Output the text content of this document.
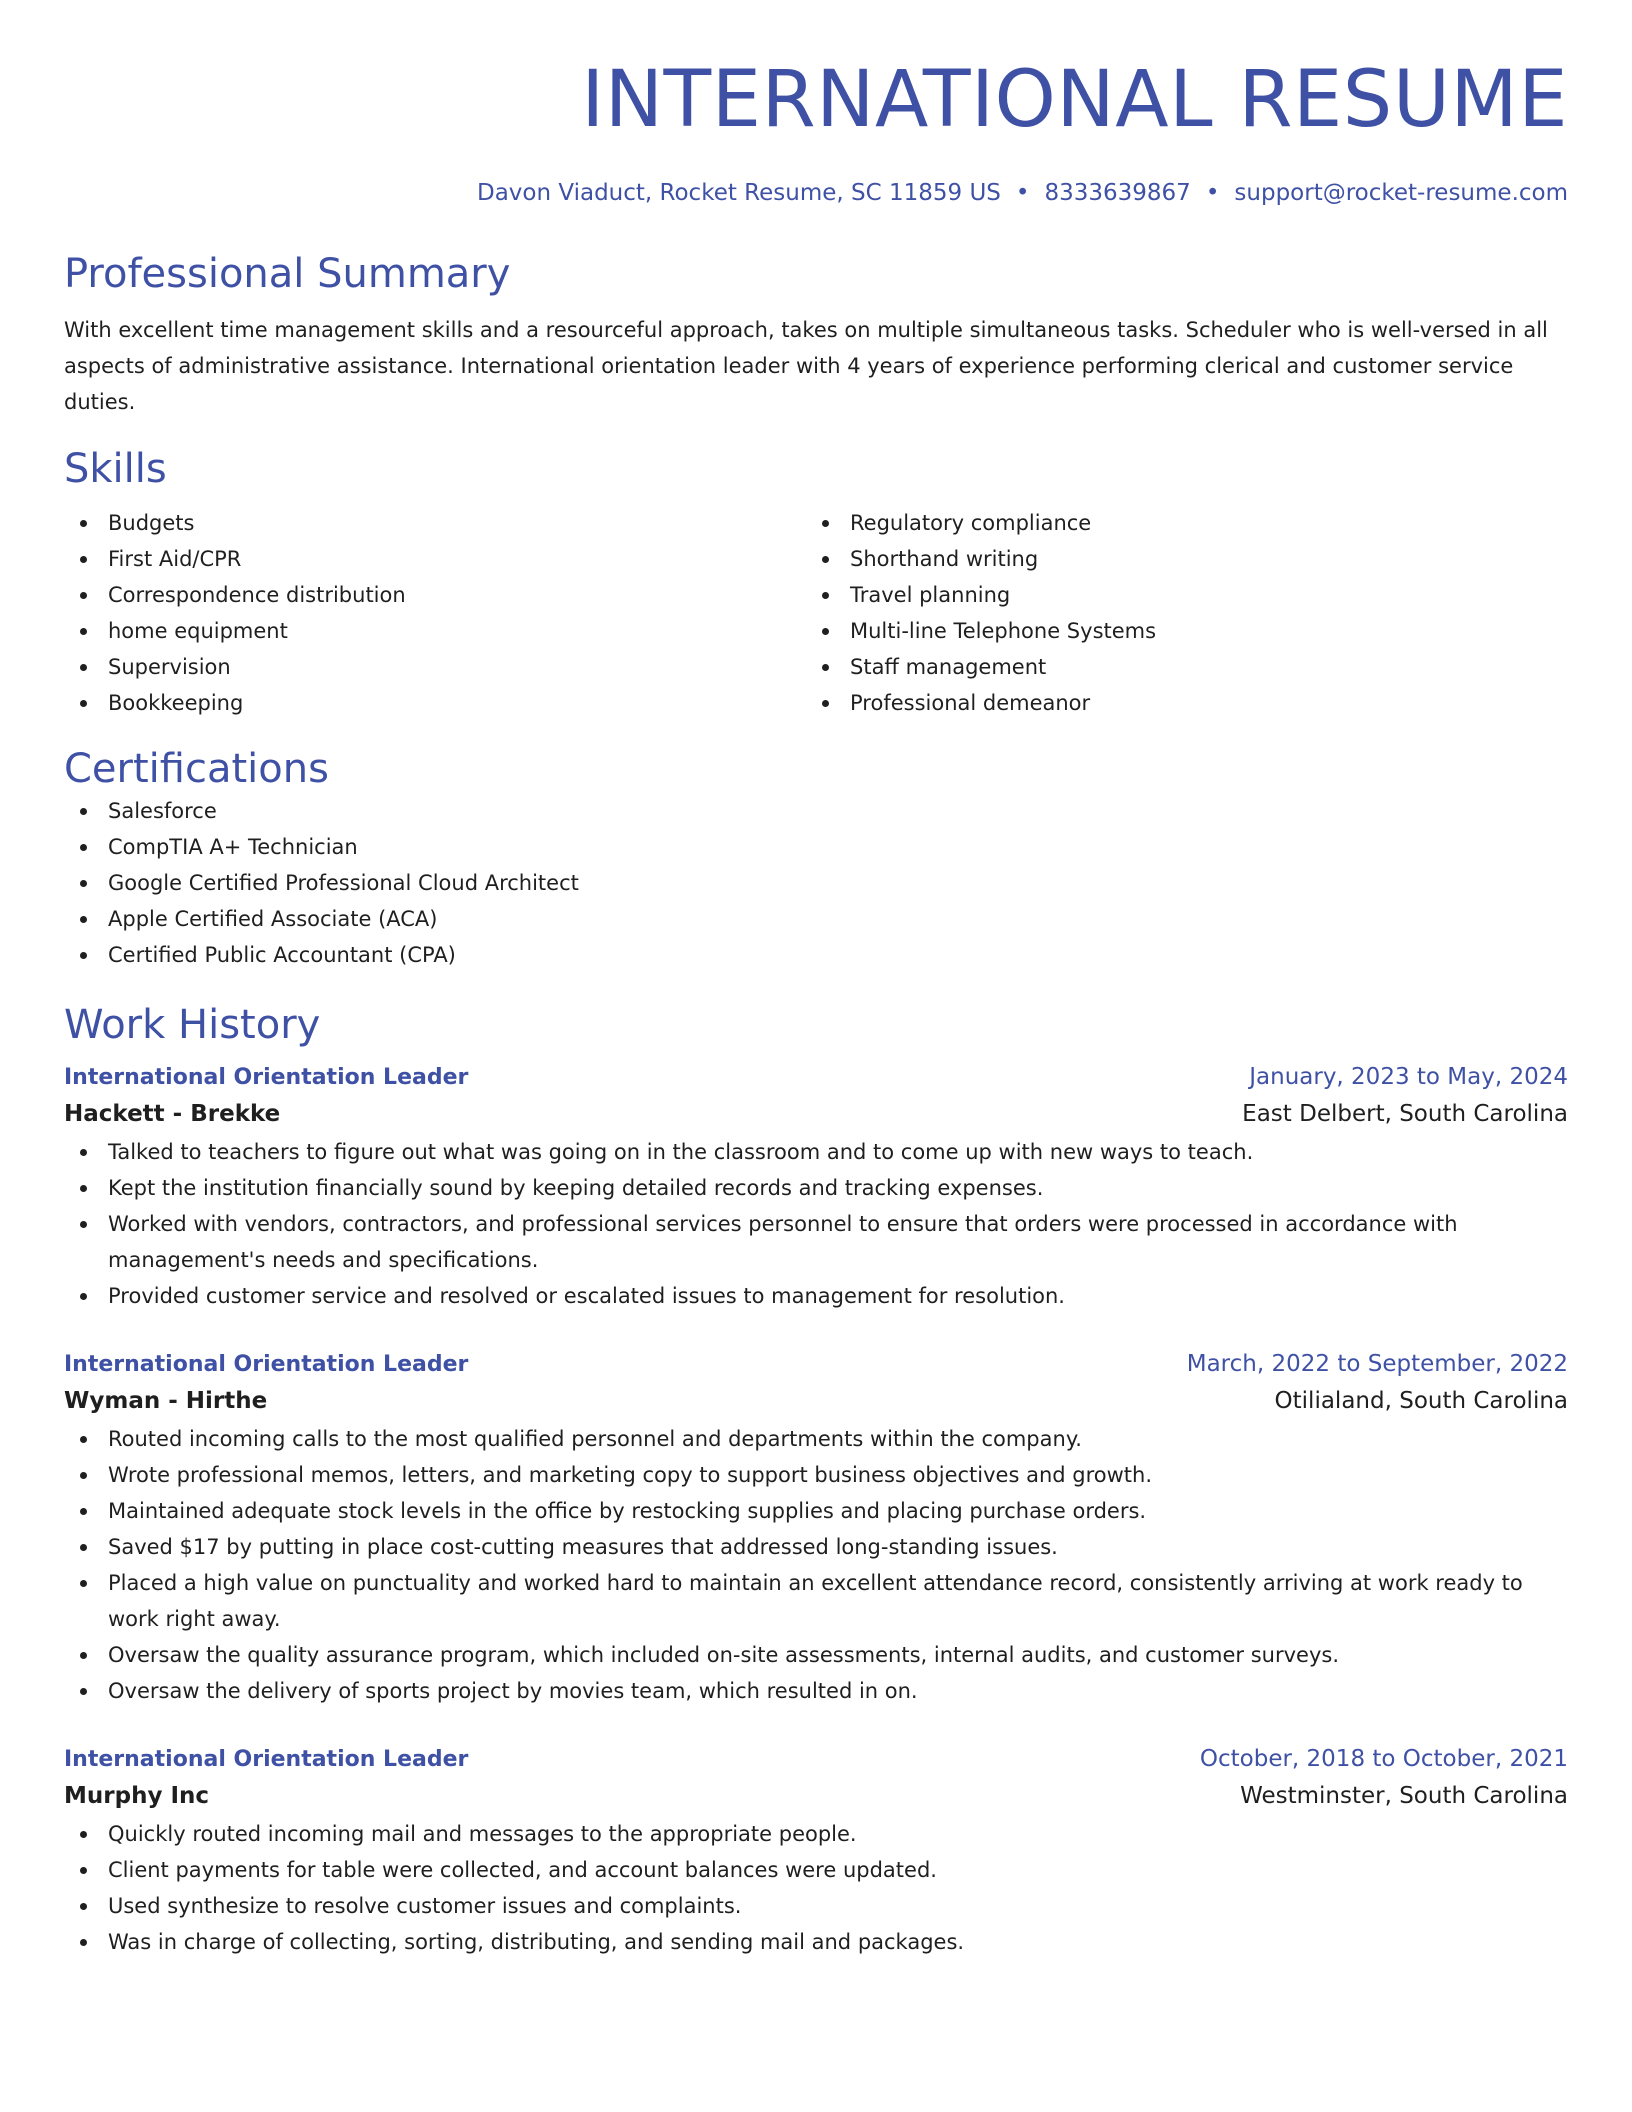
INTERNATIONAL RESUME
Davon Viaduct, Rocket Resume, SC 11859 US • 8333639867 • support@rocket-resume.com
Professional Summary

With excellent time management skills and a resourceful approach, takes on multiple simultaneous tasks. Scheduler who is well-versed in all aspects of administrative assistance. International orientation leader with 4 years of experience performing clerical and customer service duties.

Skills
Budgets
First Aid/CPR
Correspondence distribution
home equipment
Supervision
Bookkeeping
Regulatory compliance
Shorthand writing
Travel planning
Multi-line Telephone Systems
Staff management
Professional demeanor
Certifications
Salesforce
CompTIA A+ Technician
Google Certified Professional Cloud Architect
Apple Certified Associate (ACA)
Certified Public Accountant (CPA)
Work History
International Orientation Leader	January, 2023 to May, 2024
Hackett - Brekke	East Delbert, South Carolina
Talked to teachers to figure out what was going on in the classroom and to come up with new ways to teach.
Kept the institution financially sound by keeping detailed records and tracking expenses.
Worked with vendors, contractors, and professional services personnel to ensure that orders were processed in accordance with management's needs and specifications.
Provided customer service and resolved or escalated issues to management for resolution.
International Orientation Leader	March, 2022 to September, 2022
Wyman - Hirthe	Otilialand, South Carolina
Routed incoming calls to the most qualified personnel and departments within the company.
Wrote professional memos, letters, and marketing copy to support business objectives and growth.
Maintained adequate stock levels in the office by restocking supplies and placing purchase orders.
Saved $17 by putting in place cost-cutting measures that addressed long-standing issues.
Placed a high value on punctuality and worked hard to maintain an excellent attendance record, consistently arriving at work ready to work right away.
Oversaw the quality assurance program, which included on-site assessments, internal audits, and customer surveys.
Oversaw the delivery of sports project by movies team, which resulted in on.
International Orientation Leader	October, 2018 to October, 2021
Murphy Inc	Westminster, South Carolina
Quickly routed incoming mail and messages to the appropriate people.
Client payments for table were collected, and account balances were updated.
Used synthesize to resolve customer issues and complaints.
Was in charge of collecting, sorting, distributing, and sending mail and packages.
